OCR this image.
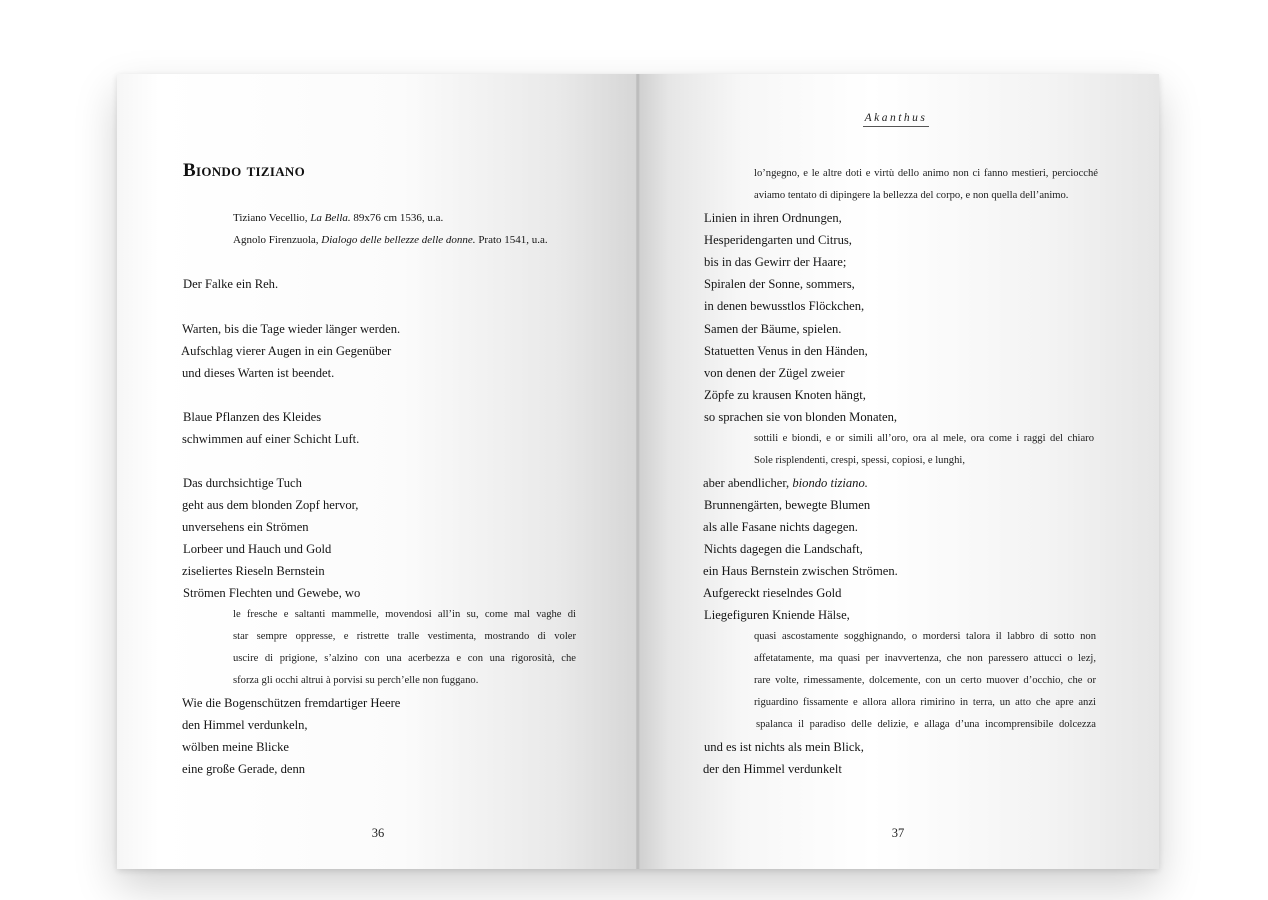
Biondo tiziano
Tiziano Vecellio, La Bella. 89x76 cm 1536, u.a.
Agnolo Firenzuola, Dialogo delle bellezze delle donne. Prato 1541, u.a.
Der Falke ein Reh.
Warten, bis die Tage wieder länger werden.
Aufschlag vierer Augen in ein Gegenüber
und dieses Warten ist beendet.
Blaue Pflanzen des Kleides
schwimmen auf einer Schicht Luft.
Das durchsichtige Tuch
geht aus dem blonden Zopf hervor,
unversehens ein Strömen
Lorbeer und Hauch und Gold
ziseliertes Rieseln Bernstein
Strömen Flechten und Gewebe, wo
le fresche e saltanti mammelle, movendosi all’in su, come mal vaghe di
star sempre oppresse, e ristrette tralle vestimenta, mostrando di voler
uscire di prigione, s’alzino con una acerbezza e con una rigorosità, che
sforza gli occhi altrui à porvisi su perch’elle non fuggano.
Wie die Bogenschützen fremdartiger Heere
den Himmel verdunkeln,
wölben meine Blicke
eine große Gerade, denn
36
Akanthus
lo’ngegno, e le altre doti e virtù dello animo non ci fanno mestieri, perciocché
aviamo tentato di dipingere la bellezza del corpo, e non quella dell’animo.
Linien in ihren Ordnungen,
Hesperidengarten und Citrus,
bis in das Gewirr der Haare;
Spiralen der Sonne, sommers,
in denen bewusstlos Flöckchen,
Samen der Bäume, spielen.
Statuetten Venus in den Händen,
von denen der Zügel zweier
Zöpfe zu krausen Knoten hängt,
so sprachen sie von blonden Monaten,
sottili e biondi, e or simili all’oro, ora al mele, ora come i raggi del chiaro
Sole risplendenti, crespi, spessi, copiosi, e lunghi,
aber abendlicher, biondo tiziano.
Brunnengärten, bewegte Blumen
als alle Fasane nichts dagegen.
Nichts dagegen die Landschaft,
ein Haus Bernstein zwischen Strömen.
Aufgereckt rieselndes Gold
Liegefiguren Kniende Hälse,
quasi ascostamente sogghignando, o mordersi talora il labbro di sotto non
affetatamente, ma quasi per inavvertenza, che non paressero attucci o lezj,
rare volte, rimessamente, dolcemente, con un certo muover d’occhio, che or
riguardino fissamente e allora allora rimirino in terra, un atto che apre anzi
spalanca il paradiso delle delizie, e allaga d’una incomprensibile dolcezza
und es ist nichts als mein Blick,
der den Himmel verdunkelt
37
